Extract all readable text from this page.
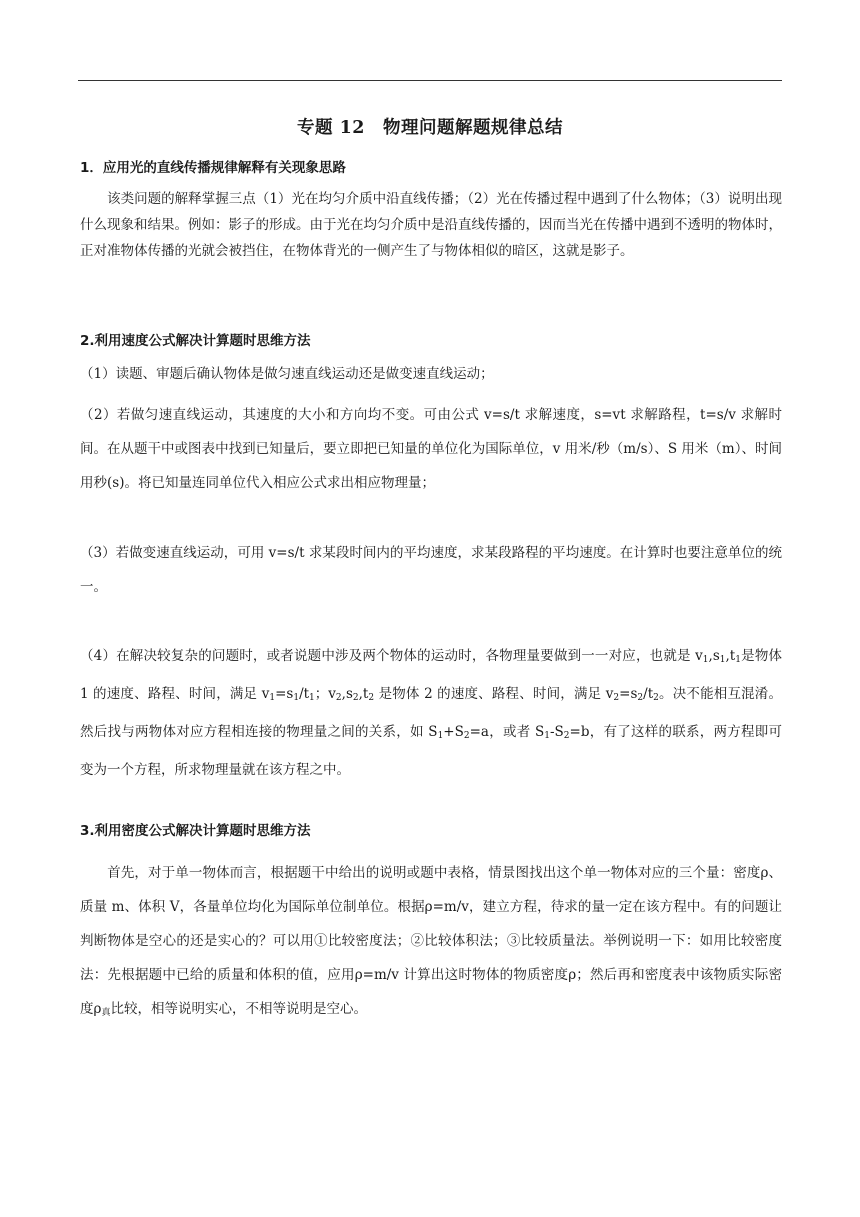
专题 12　物理问题解题规律总结
1．应用光的直线传播规律解释有关现象思路
　　该类问题的解释掌握三点（1）光在均匀介质中沿直线传播；（2）光在传播过程中遇到了什么物体；（3）说明出现什么现象和结果。例如：影子的形成。由于光在均匀介质中是沿直线传播的，因而当光在传播中遇到不透明的物体时，正对准物体传播的光就会被挡住，在物体背光的一侧产生了与物体相似的暗区，这就是影子。
2.利用速度公式解决计算题时思维方法
（1）读题、审题后确认物体是做匀速直线运动还是做变速直线运动；
（2）若做匀速直线运动，其速度的大小和方向均不变。可由公式 v=s/t 求解速度，s=vt 求解路程，t=s/v 求解时间。在从题干中或图表中找到已知量后，要立即把已知量的单位化为国际单位，v 用米/秒（m/s）、S 用米（m）、时间用秒(s)。将已知量连同单位代入相应公式求出相应物理量；
（3）若做变速直线运动，可用 v=s/t 求某段时间内的平均速度，求某段路程的平均速度。在计算时也要注意单位的统一。
（4）在解决较复杂的问题时，或者说题中涉及两个物体的运动时，各物理量要做到一一对应，也就是 $v_1,s_1,t_1$是物体 1 的速度、路程、时间，满足 $v_1=s_1/t_1$；$v_2,s_2,t_2$ 是物体 2 的速度、路程、时间，满足 $v_2=s_2/t_2$。决不能相互混淆。然后找与两物体对应方程相连接的物理量之间的关系，如 $S_1+S_2=a$，或者 $S_1-S_2=b$，有了这样的联系，两方程即可变为一个方程，所求物理量就在该方程之中。
3.利用密度公式解决计算题时思维方法
　　首先，对于单一物体而言，根据题干中给出的说明或题中表格，情景图找出这个单一物体对应的三个量：密度ρ、质量 m、体积 V，各量单位均化为国际单位制单位。根据ρ=m/v，建立方程，待求的量一定在该方程中。有的问题让判断物体是空心的还是实心的？可以用①比较密度法；②比较体积法；③比较质量法。举例说明一下：如用比较密度法：先根据题中已给的质量和体积的值，应用ρ=m/v 计算出这时物体的物质密度ρ；然后再和密度表中该物质实际密度$\rho_真$比较，相等说明实心，不相等说明是空心。
